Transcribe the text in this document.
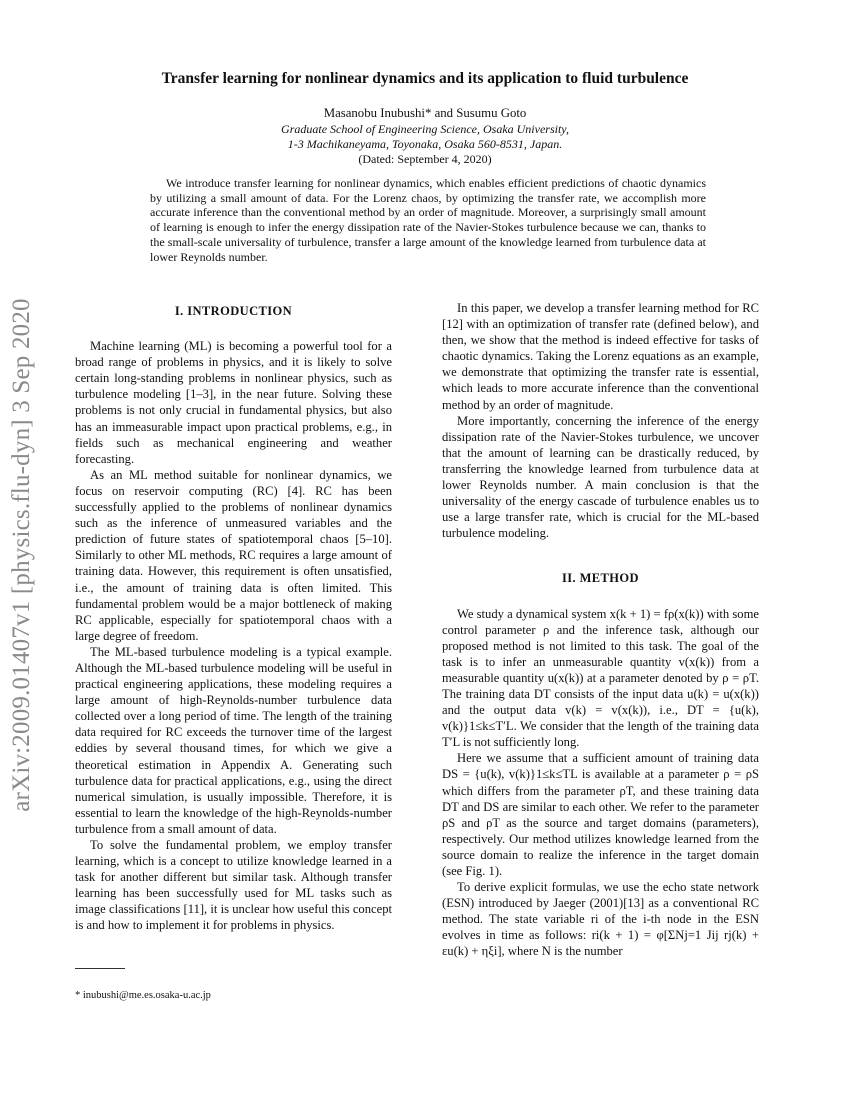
arXiv:2009.01407v1 [physics.flu-dyn] 3 Sep 2020
Transfer learning for nonlinear dynamics and its application to fluid turbulence
Masanobu Inubushi* and Susumu Goto
Graduate School of Engineering Science, Osaka University,
1-3 Machikaneyama, Toyonaka, Osaka 560-8531, Japan.
(Dated: September 4, 2020)

We introduce transfer learning for nonlinear dynamics, which enables efficient predictions of chaotic dynamics by utilizing a small amount of data. For the Lorenz chaos, by optimizing the transfer rate, we accomplish more accurate inference than the conventional method by an order of magnitude. Moreover, a surprisingly small amount of learning is enough to infer the energy dissipation rate of the Navier-Stokes turbulence because we can, thanks to the small-scale universality of turbulence, transfer a large amount of the knowledge learned from turbulence data at lower Reynolds number.

I. INTRODUCTION

Machine learning (ML) is becoming a powerful tool for a broad range of problems in physics, and it is likely to solve certain long-standing problems in nonlinear physics, such as turbulence modeling [1–3], in the near future. Solving these problems is not only crucial in fundamental physics, but also has an immeasurable impact upon practical problems, e.g., in fields such as mechanical engineering and weather forecasting.

As an ML method suitable for nonlinear dynamics, we focus on reservoir computing (RC) [4]. RC has been successfully applied to the problems of nonlinear dynamics such as the inference of unmeasured variables and the prediction of future states of spatiotemporal chaos [5–10]. Similarly to other ML methods, RC requires a large amount of training data. However, this requirement is often unsatisfied, i.e., the amount of training data is often limited. This fundamental problem would be a major bottleneck of making RC applicable, especially for spatiotemporal chaos with a large degree of freedom.

The ML-based turbulence modeling is a typical example. Although the ML-based turbulence modeling will be useful in practical engineering applications, these modeling requires a large amount of high-Reynolds-number turbulence data collected over a long period of time. The length of the training data required for RC exceeds the turnover time of the largest eddies by several thousand times, for which we give a theoretical estimation in Appendix A. Generating such turbulence data for practical applications, e.g., using the direct numerical simulation, is usually impossible. Therefore, it is essential to learn the knowledge of the high-Reynolds-number turbulence from a small amount of data.

To solve the fundamental problem, we employ transfer learning, which is a concept to utilize knowledge learned in a task for another different but similar task. Although transfer learning has been successfully used for ML tasks such as image classifications [11], it is unclear how useful this concept is and how to implement it for problems in physics.

* inubushi@me.es.osaka-u.ac.jp

In this paper, we develop a transfer learning method for RC [12] with an optimization of transfer rate (defined below), and then, we show that the method is indeed effective for tasks of chaotic dynamics. Taking the Lorenz equations as an example, we demonstrate that optimizing the transfer rate is essential, which leads to more accurate inference than the conventional method by an order of magnitude.

More importantly, concerning the inference of the energy dissipation rate of the Navier-Stokes turbulence, we uncover that the amount of learning can be drastically reduced, by transferring the knowledge learned from turbulence data at lower Reynolds number. A main conclusion is that the universality of the energy cascade of turbulence enables us to use a large transfer rate, which is crucial for the ML-based turbulence modeling.

II. METHOD

We study a dynamical system x(k + 1) = fρ(x(k)) with some control parameter ρ and the inference task, although our proposed method is not limited to this task. The goal of the task is to infer an unmeasurable quantity v(x(k)) from a measurable quantity u(x(k)) at a parameter denoted by ρ = ρT. The training data DT consists of the input data u(k) = u(x(k)) and the output data v(k) = v(x(k)), i.e., DT = {u(k), v(k)}1≤k≤T′L. We consider that the length of the training data T′L is not sufficiently long.

Here we assume that a sufficient amount of training data DS = {u(k), v(k)}1≤k≤TL is available at a parameter ρ = ρS which differs from the parameter ρT, and these training data DT and DS are similar to each other. We refer to the parameter ρS and ρT as the source and target domains (parameters), respectively. Our method utilizes knowledge learned from the source domain to realize the inference in the target domain (see Fig. 1).

To derive explicit formulas, we use the echo state network (ESN) introduced by Jaeger (2001)[13] as a conventional RC method. The state variable ri of the i-th node in the ESN evolves in time as follows: ri(k + 1) = φ[ΣNj=1 Jij rj(k) + εu(k) + ηξi], where N is the number
